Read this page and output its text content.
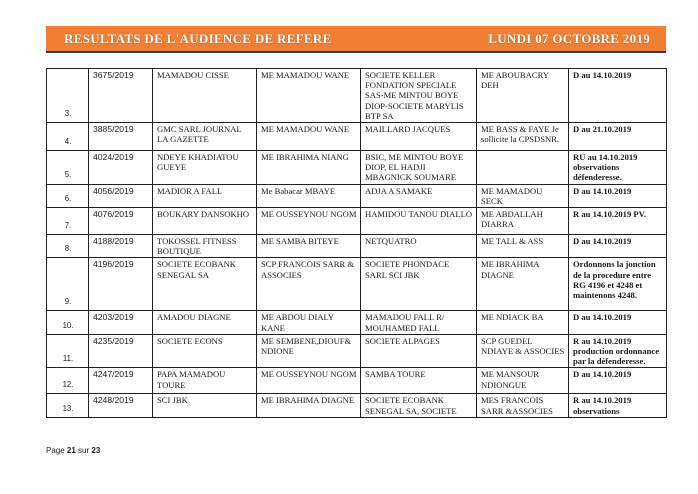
RESULTATS DE L'AUDIENCE DE REFERE	LUNDI 07 OCTOBRE 2019
3.	3675/2019	MAMADOU CISSE	ME MAMADOU WANE	SOCIETE KELLER FONDATION SPECIALE SAS-ME MINTOU BOYE DIOP-SOCIETE MARYLIS BTP SA	ME ABOUBACRY DEH	D au 14.10.2019
4.	3885/2019	GMC SARL JOURNAL LA GAZETTE	ME MAMADOU WANE	MAILLARD JACQUES	ME BASS & FAYE Je sollicite la CPSDSNR.	D au 21.10.2019
5.	4024/2019	NDEYE KHADIATOU GUEYE	ME IBRAHIMA NIANG	BSIC, ME MINTOU BOYE DIOP, EL HADJI MBAGNICK SOUMARE		RU au 14.10.2019 observations défenderesse.
6.	4056/2019	MADIOR A FALL	Me Babacar MBAYE	ADJA A SAMAKE	ME MAMADOU SECK	D au 14.10.2019
7.	4076/2019	BOUKARY DANSOKHO	ME OUSSEYNOU NGOM	HAMIDOU TANOU DIALLO	ME ABDALLAH DIARRA	R au 14.10.2019 PV.
8.	4188/2019	TOKOSSEL FITNESS BOUTIQUE	ME SAMBA BITEYE	NETQUATRO	ME TALL & ASS	D au 14.10.2019
9.	4196/2019	SOCIETE ECOBANK SENEGAL SA	SCP FRANCOIS SARR & ASSOCIES	SOCIETE PHONDACE SARL SCI JBK	ME IBRAHIMA DIAGNE	Ordonnons la jonction de la procedure entre RG 4196 et 4248 et maintenons 4248.
10.	4203/2019	AMADOU DIAGNE	ME ABDOU DIALY KANE	MAMADOU FALL R/ MOUHAMED FALL	ME NDIACK BA	D au 14.10.2019
11.	4235/2019	SOCIETE ECONS	ME SEMBENE,DIOUF& NDIONE	SOCIETE ALPAGES	SCP GUEDEL NDIAYE & ASSOCIES	R au 14.10.2019 production ordonnance par la défenderesse.
12.	4247/2019	PAPA MAMADOU TOURE	ME OUSSEYNOU NGOM	SAMBA TOURE	ME MANSOUR NDIONGUE	D au 14.10.2019
13.	4248/2019	SCI JBK	ME IBRAHIMA DIAGNE	SOCIETE ECOBANK SENEGAL SA, SOCIETE	MES FRANCOIS SARR &ASSOCIES	R au 14.10.2019 observations
Page 21 sur 23
